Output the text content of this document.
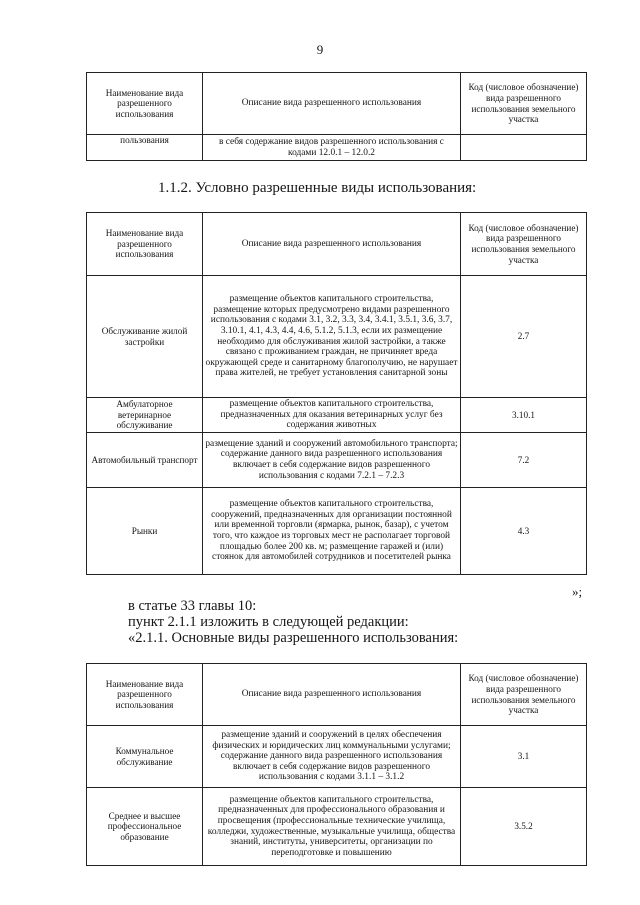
9
Наименование вида разрешенного использования	Описание вида разрешенного использования	Код (числовое обозначение) вида разрешенного использования земельного участка
пользования	в себя содержание видов разрешенного использования с кодами 12.0.1 – 12.0.2	
1.1.2. Условно разрешенные виды использования:
Наименование вида разрешенного использования	Описание вида разрешенного использования	Код (числовое обозначение) вида разрешенного использования земельного участка
Обслуживание жилой застройки	размещение объектов капитального строительства, размещение которых предусмотрено видами разрешенного использования с кодами 3.1, 3.2, 3.3, 3.4, 3.4.1, 3.5.1, 3.6, 3.7, 3.10.1, 4.1, 4.3, 4.4, 4.6, 5.1.2, 5.1.3, если их размещение необходимо для обслуживания жилой застройки, а также связано с проживанием граждан, не причиняет вреда окружающей среде и санитарному благополучию, не нарушает права жителей, не требует установления санитарной зоны	2.7
Амбулаторное ветеринарное обслуживание	размещение объектов капитального строительства, предназначенных для оказания ветеринарных услуг без содержания животных	3.10.1
Автомобильный транспорт	размещение зданий и сооружений автомобильного транспорта; содержание данного вида разрешенного использования включает в себя содержание видов разрешенного использования с кодами 7.2.1 – 7.2.3	7.2
Рынки	размещение объектов капитального строительства, сооружений, предназначенных для организации постоянной или временной торговли (ярмарка, рынок, базар), с учетом того, что каждое из торговых мест не располагает торговой площадью более 200 кв. м; размещение гаражей и (или) стоянок для автомобилей сотрудников и посетителей рынка	4.3
»;
в статье 33 главы 10:
пункт 2.1.1 изложить в следующей редакции:
«2.1.1. Основные виды разрешенного использования:
Наименование вида разрешенного использования	Описание вида разрешенного использования	Код (числовое обозначение) вида разрешенного использования земельного участка
Коммунальное обслуживание	размещение зданий и сооружений в целях обеспечения физических и юридических лиц коммунальными услугами; содержание данного вида разрешенного использования включает в себя содержание видов разрешенного использования с кодами 3.1.1 – 3.1.2	3.1
Среднее и высшее профессиональное образование	размещение объектов капитального строительства, предназначенных для профессионального образования и просвещения (профессиональные технические училища, колледжи, художественные, музыкальные училища, общества знаний, институты, университеты, организации по переподготовке и повышению	3.5.2
